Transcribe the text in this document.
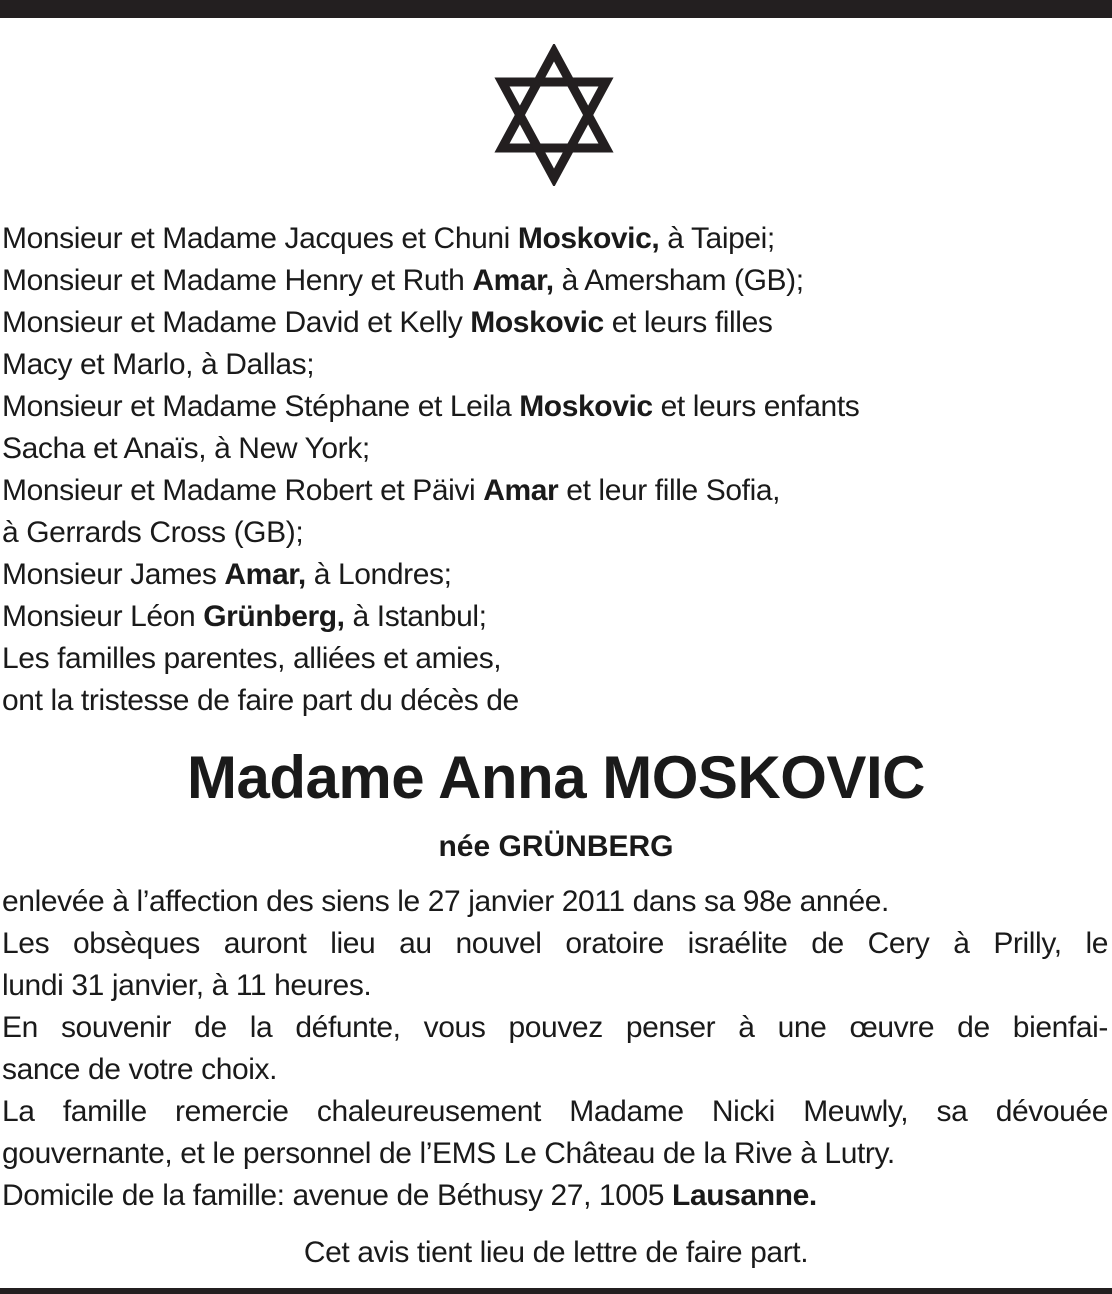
Monsieur et Madame Jacques et Chuni Moskovic, à Taipei;
Monsieur et Madame Henry et Ruth Amar, à Amersham (GB);
Monsieur et Madame David et Kelly Moskovic et leurs filles
Macy et Marlo, à Dallas;
Monsieur et Madame Stéphane et Leila Moskovic et leurs enfants
Sacha et Anaïs, à New York;
Monsieur et Madame Robert et Päivi Amar et leur fille Sofia,
à Gerrards Cross (GB);
Monsieur James Amar, à Londres;
Monsieur Léon Grünberg, à Istanbul;
Les familles parentes, alliées et amies,
ont la tristesse de faire part du décès de
Madame Anna MOSKOVIC
née GRÜNBERG
enlevée à l’affection des siens le 27 janvier 2011 dans sa 98e année.
Les obsèques auront lieu au nouvel oratoire israélite de Cery à Prilly, le
lundi 31 janvier, à 11 heures.
En souvenir de la défunte, vous pouvez penser à une œuvre de bienfai-
sance de votre choix.
La famille remercie chaleureusement Madame Nicki Meuwly, sa dévouée
gouvernante, et le personnel de l’EMS Le Château de la Rive à Lutry.
Domicile de la famille: avenue de Béthusy 27, 1005 Lausanne.
Cet avis tient lieu de lettre de faire part.
